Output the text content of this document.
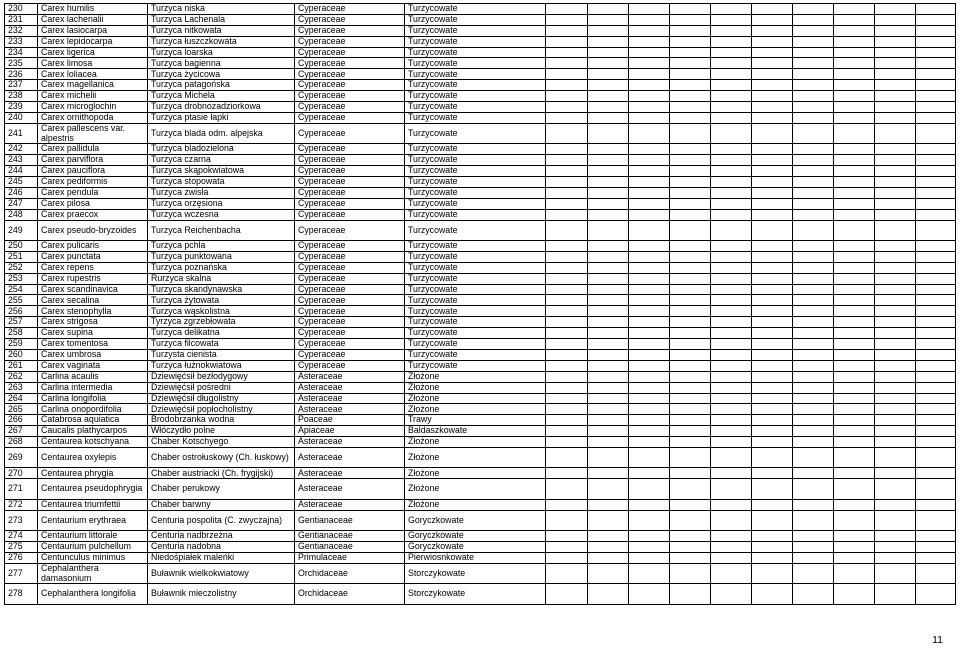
230	Carex humilis	Turzyca niska	Cyperaceae	Turzycowate										
231	Carex lachenalii	Turzyca Lachenala	Cyperaceae	Turzycowate										
232	Carex lasiocarpa	Turzyca nitkowata	Cyperaceae	Turzycowate										
233	Carex lepidocarpa	Turzyca łuszczkowata	Cyperaceae	Turzycowate										
234	Carex ligerica	Turzyca loarska	Cyperaceae	Turzycowate										
235	Carex limosa	Turzyca bagienna	Cyperaceae	Turzycowate										
236	Carex loliacea	Turzyca życicowa	Cyperaceae	Turzycowate										
237	Carex magellanica	Turzyca patagońska	Cyperaceae	Turzycowate										
238	Carex michelii	Turzyca Michela	Cyperaceae	Turzycowate										
239	Carex microglochin	Turzyca drobnozadziorkowa	Cyperaceae	Turzycowate										
240	Carex ornithopoda	Turzyca ptasie łapki	Cyperaceae	Turzycowate										
241	Carex pallescens var. alpestris	Turzyca blada odm. alpejska	Cyperaceae	Turzycowate										
242	Carex pallidula	Turzyca bladozielona	Cyperaceae	Turzycowate										
243	Carex parviflora	Turzyca czarna	Cyperaceae	Turzycowate										
244	Carex pauciflora	Turzyca skąpokwiatowa	Cyperaceae	Turzycowate										
245	Carex pediformis	Turzyca stopowata	Cyperaceae	Turzycowate										
246	Carex pendula	Turzyca zwisła	Cyperaceae	Turzycowate										
247	Carex pilosa	Turzyca orzęsiona	Cyperaceae	Turzycowate										
248	Carex praecox	Turzyca wczesna	Cyperaceae	Turzycowate										
249	Carex pseudo-bryzoides	Turzyca Reichenbacha	Cyperaceae	Turzycowate										
250	Carex pulicaris	Turzyca pchla	Cyperaceae	Turzycowate										
251	Carex punctata	Turzyca punktowana	Cyperaceae	Turzycowate										
252	Carex repens	Turzyca poznańska	Cyperaceae	Turzycowate										
253	Carex rupestris	Rurzyca skalna	Cyperaceae	Turzycowate										
254	Carex scandinavica	Turzyca skandynawska	Cyperaceae	Turzycowate										
255	Carex secalina	Turzyca żytowata	Cyperaceae	Turzycowate										
256	Carex stenophylla	Turzyca wąskolistna	Cyperaceae	Turzycowate										
257	Carex strigosa	Tyrzyca zgrzebłowata	Cyperaceae	Turzycowate										
258	Carex supina	Turzyca delikatna	Cyperaceae	Turzycowate										
259	Carex tomentosa	Turzyca filcowata	Cyperaceae	Turzycowate										
260	Carex umbrosa	Turzysta cienista	Cyperaceae	Turzycowate										
261	Carex vaginata	Turzyca łużnokwiatowa	Cyperaceae	Turzycowate										
262	Carlina acaulis	Dziewięćsił bezłodygowy	Asteraceae	Złożone										
263	Carlina intermedia	Dziewięćsił pośredni	Asteraceae	Złożone										
264	Carlina longifolia	Dziewięćsił długolistny	Asteraceae	Złożone										
265	Carlina onopordifolia	Dziewięćsił popłocholistny	Asteraceae	Złożone										
266	Catabrosa aquiatica	Brodobrzanka wodna	Poaceae	Trawy										
267	Caucalis plathycarpos	Włóczydło polne	Apiaceae	Baldaszkowate										
268	Centaurea kotschyana	Chaber Kotschyego	Asteraceae	Złożone										
269	Centaurea oxylepis	Chaber ostrołuskowy (Ch. łuskowy)	Asteraceae	Złożone										
270	Centaurea phrygia	Chaber austriacki (Ch. frygijski)	Asteraceae	Złożone										
271	Centaurea pseudophrygia	Chaber perukowy	Asteraceae	Złożone										
272	Centaurea triumfettii	Chaber barwny	Asteraceae	Złożone										
273	Centaurium erythraea	Centuria pospolita (C. zwyczajna)	Gentianaceae	Goryczkowate										
274	Centaurium littorale	Centuria nadbrzeżna	Gentianaceae	Goryczkowate										
275	Centaurium pulchellum	Centuria nadobna	Gentianaceae	Goryczkowate										
276	Centunculus minimus	Niedośpiałek maleńki	Primulaceae	Pierwiosnkowate										
277	Cephalanthera damasonium	Buławnik wielkokwiatowy	Orchidaceae	Storczykowate										
278	Cephalanthera longifolia	Buławnik mieczolistny	Orchidaceae	Storczykowate										
11
